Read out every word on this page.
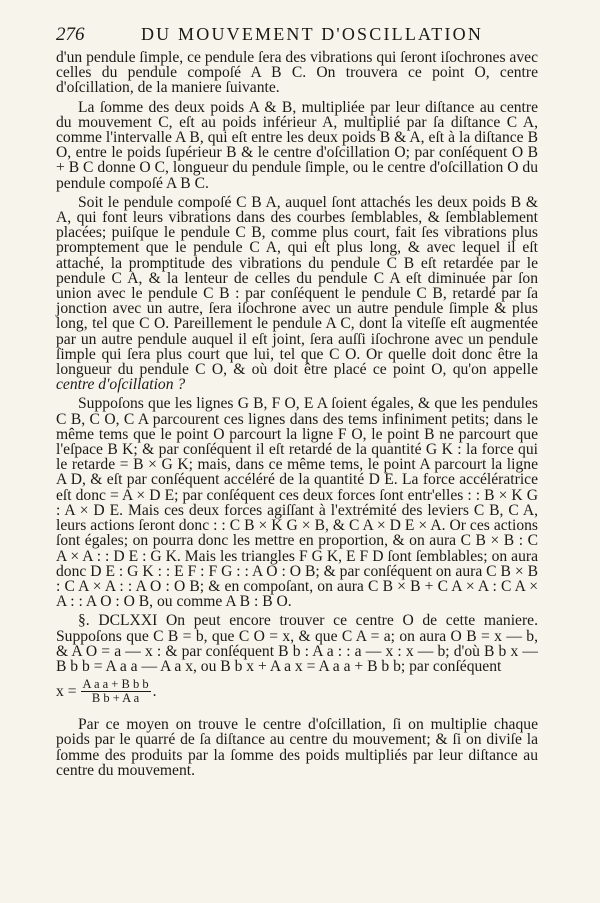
276	DU MOUVEMENT D'OSCILLATION

d'un pendule ſimple, ce pendule ſera des vibrations qui ſeront iſochrones avec celles du pendule compoſé A B C. On trouvera ce point O, centre d'oſcillation, de la maniere ſuivante.

La ſomme des deux poids A & B, multipliée par leur diſtance au centre du mouvement C, eſt au poids inférieur A, multiplié par ſa diſtance C A, comme l'intervalle A B, qui eſt entre les deux poids B & A, eſt à la diſtance B O, entre le poids ſupérieur B & le centre d'oſcillation O; par conſéquent O B + B C donne O C, longueur du pendule ſimple, ou le centre d'oſcillation O du pendule compoſé A B C.

Soit le pendule compoſé C B A, auquel ſont attachés les deux poids B & A, qui font leurs vibrations dans des courbes ſemblables, & ſemblablement placées; puiſque le pendule C B, comme plus court, fait ſes vibrations plus promptement que le pendule C A, qui eſt plus long, & avec lequel il eſt attaché, la promptitude des vibrations du pendule C B eſt retardée par le pendule C A, & la lenteur de celles du pendule C A eſt diminuée par ſon union avec le pendule C B : par conſéquent le pendule C B, retardé par ſa jonction avec un autre, ſera iſochrone avec un autre pendule ſimple & plus long, tel que C O. Pareillement le pendule A C, dont la viteſſe eſt augmentée par un autre pendule auquel il eſt joint, ſera auſſi iſochrone avec un pendule ſimple qui ſera plus court que lui, tel que C O. Or quelle doit donc être la longueur du pendule C O, & où doit être placé ce point O, qu'on appelle centre d'oſcillation ?

Suppoſons que les lignes G B, F O, E A ſoient égales, & que les pendules C B, C O, C A parcourent ces lignes dans des tems infiniment petits; dans le même tems que le point O parcourt la ligne F O, le point B ne parcourt que l'eſpace B K; & par conſéquent il eſt retardé de la quantité G K : la force qui le retarde = B × G K; mais, dans ce même tems, le point A parcourt la ligne A D, & eſt par conſéquent accéléré de la quantité D E. La force accélératrice eſt donc = A × D E; par conſéquent ces deux forces ſont entr'elles : : B × K G : A × D E. Mais ces deux forces agiſſant à l'extrémité des leviers C B, C A, leurs actions ſeront donc : : C B × K G × B, & C A × D E × A. Or ces actions ſont égales; on pourra donc les mettre en proportion, & on aura C B × B : C A × A : : D E : G K. Mais les triangles F G K, E F D ſont ſemblables; on aura donc D E : G K : : E F : F G : : A O : O B; & par conſéquent on aura C B × B : C A × A : : A O : O B; & en compoſant, on aura C B × B + C A × A : C A × A : : A O : O B, ou comme A B : B O.

§. DCLXXI On peut encore trouver ce centre O de cette maniere. Suppoſons que C B = b, que C O = x, & que C A = a; on aura O B = x — b, & A O = a — x : & par conſéquent B b : A a : : a — x : x — b; d'où B b x — B b b = A a a — A a x, ou B b x + A a x = A a a + B b b; par conſéquent

$x = \frac{\text{A a a + B b b}}{\text{B b + A a}}$ .

Par ce moyen on trouve le centre d'oſcillation, ſi on multiplie chaque poids par le quarré de ſa diſtance au centre du mouvement; & ſi on diviſe la ſomme des produits par la ſomme des poids multipliés par leur diſtance au centre du mouvement.
